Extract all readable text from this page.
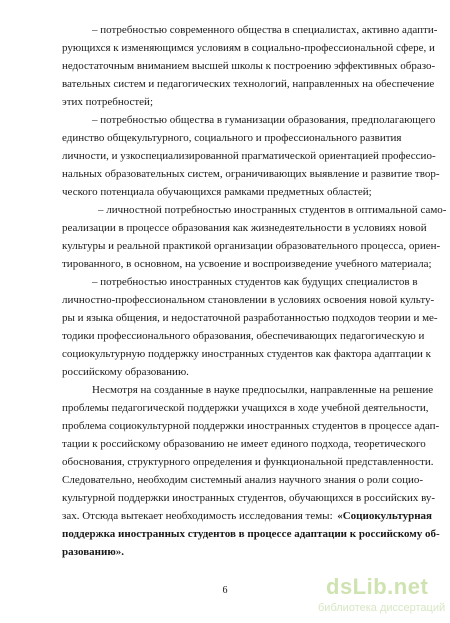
– потребностью современного общества в специалистах, активно адапти-
рующихся к изменяющимся условиям в социально-профессиональной сфере, и
недостаточным вниманием высшей школы к построению эффективных образо-
вательных систем и педагогических технологий, направленных на обеспечение
этих потребностей;
– потребностью общества в гуманизации образования, предполагающего
единство общекультурного, социального и профессионального развития
личности, и узкоспециализированной прагматической ориентацией профессио-
нальных образовательных систем, ограничивающих выявление и развитие твор-
ческого потенциала обучающихся рамками предметных областей;
– личностной потребностью иностранных студентов в оптимальной само-
реализации в процессе образования как жизнедеятельности в условиях новой
культуры и реальной практикой организации образовательного процесса, ориен-
тированного, в основном, на усвоение и воспроизведение учебного материала;
– потребностью иностранных студентов как будущих специалистов в
личностно-профессиональном становлении в условиях освоения новой культу-
ры и языка общения, и недостаточной разработанностью подходов теории и ме-
тодики профессионального образования, обеспечивающих педагогическую и
социокультурную поддержку иностранных студентов как фактора адаптации к
российскому образованию.
Несмотря на созданные в науке предпосылки, направленные на решение
проблемы педагогической поддержки учащихся в ходе учебной деятельности,
проблема социокультурной поддержки иностранных студентов в процессе адап-
тации к российскому образованию не имеет единого подхода, теоретического
обоснования, структурного определения и функциональной представленности.
Следовательно, необходим системный анализ научного знания о роли социо-
культурной поддержки иностранных студентов, обучающихся в российских ву-
зах. Отсюда вытекает необходимость исследования темы: «Социокультурная
поддержка иностранных студентов в процессе адаптации к российскому об-
разованию».
6	dsLib.net
библиотека диссертаций
